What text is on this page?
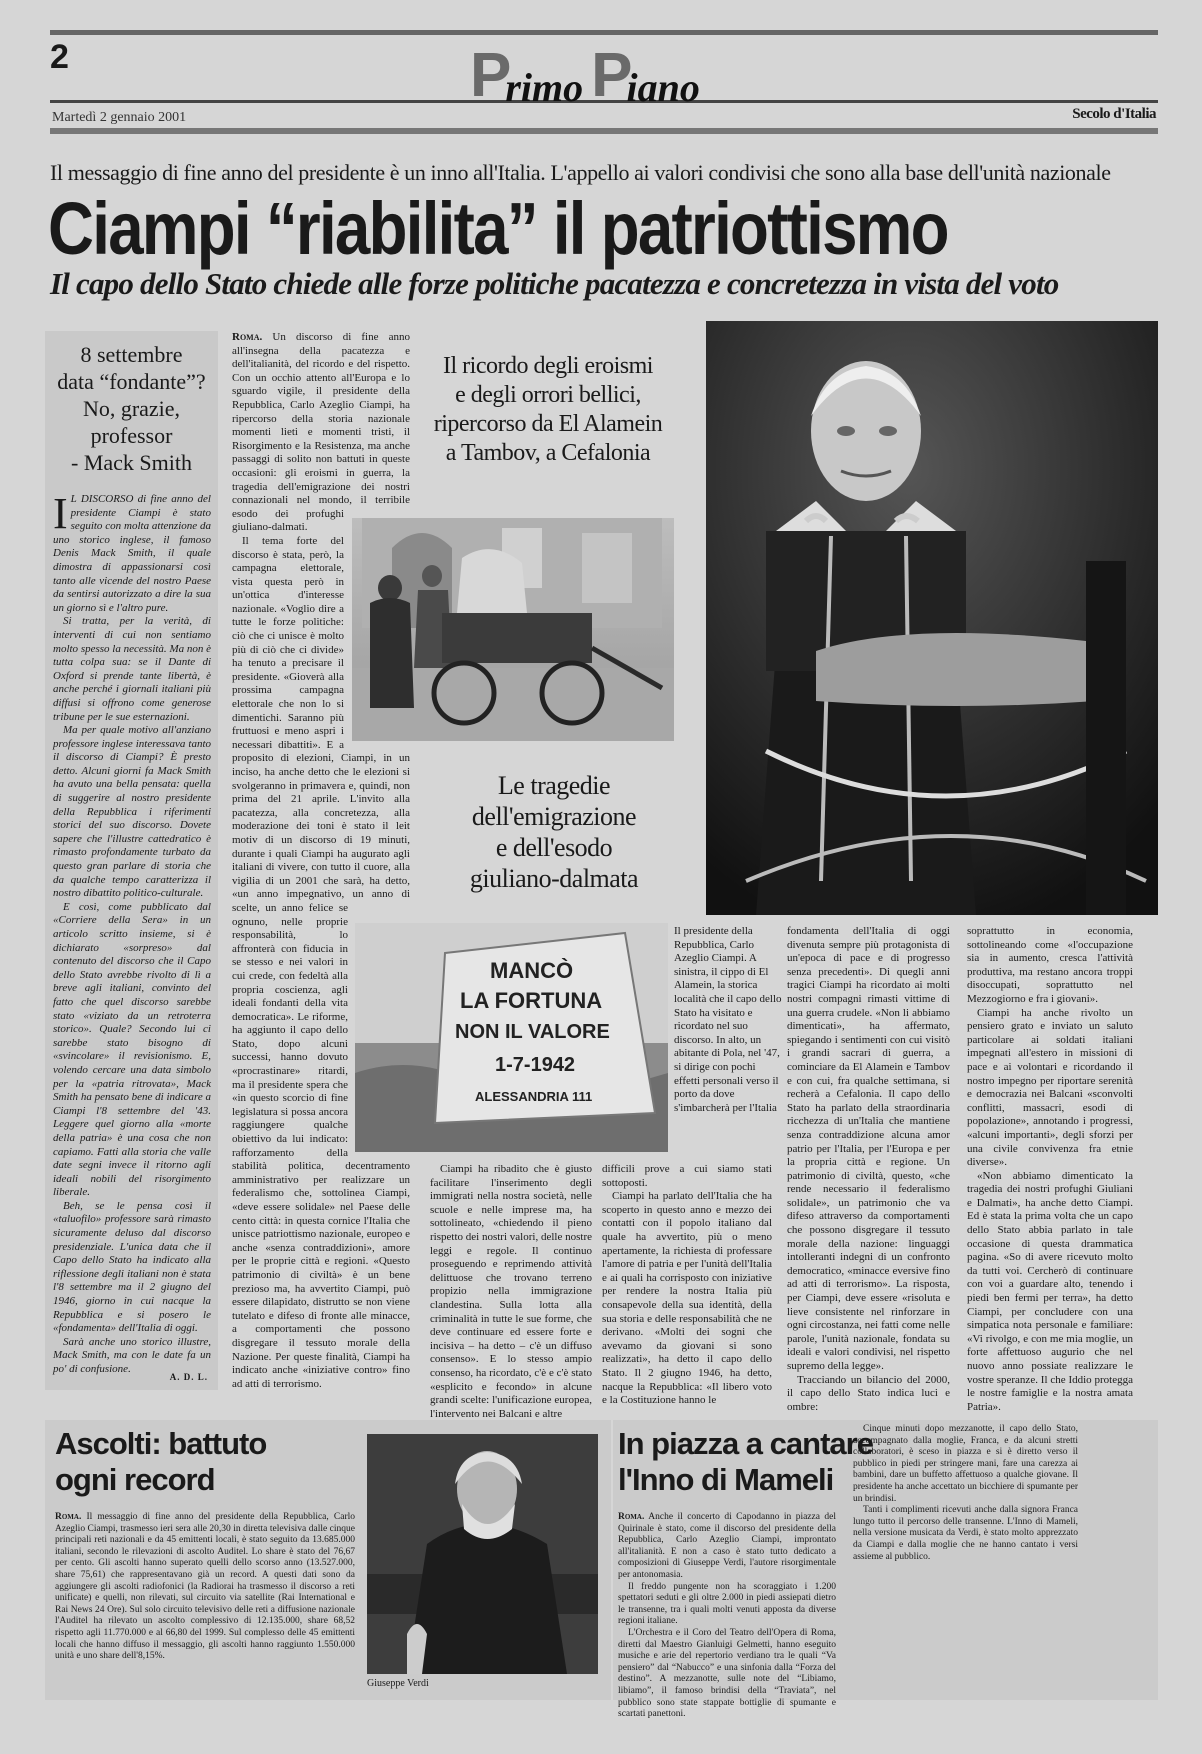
2	Primo Piano
Martedì 2 gennaio 2001	Secolo d'Italia
Il messaggio di fine anno del presidente è un inno all'Italia. L'appello ai valori condivisi che sono alla base dell'unità nazionale
Ciampi “riabilita” il patriottismo
Il capo dello Stato chiede alle forze politiche pacatezza e concretezza in vista del voto
8 settembre
data “fondante”?
No, grazie,
professor
- Mack Smith

I L DISCORSO di fine anno del presidente Ciampi è stato seguito con molta attenzione da uno storico inglese, il famoso Denis Mack Smith, il quale dimostra di appassionarsi così tanto alle vicende del nostro Paese da sentirsi autorizzato a dire la sua un giorno sì e l'altro pure.

Si tratta, per la verità, di interventi di cui non sentiamo molto spesso la necessità. Ma non è tutta colpa sua: se il Dante di Oxford si prende tante libertà, è anche perché i giornali italiani più diffusi si offrono come generose tribune per le sue esternazioni.

Ma per quale motivo all'anziano professore inglese interessava tanto il discorso di Ciampi? È presto detto. Alcuni giorni fa Mack Smith ha avuto una bella pensata: quella di suggerire al nostro presidente della Repubblica i riferimenti storici del suo discorso. Dovete sapere che l'illustre cattedratico è rimasto profondamente turbato da questo gran parlare di storia che da qualche tempo caratterizza il nostro dibattito politico-culturale.

E così, come pubblicato dal «Corriere della Sera» in un articolo scritto insieme, si è dichiarato «sorpreso» dal contenuto del discorso che il Capo dello Stato avrebbe rivolto di lì a breve agli italiani, convinto del fatto che quel discorso sarebbe stato «viziato da un retroterra storico». Quale? Secondo lui ci sarebbe stato bisogno di «svincolare» il revisionismo. E, volendo cercare una data simbolo per la «patria ritrovata», Mack Smith ha pensato bene di indicare a Ciampi l'8 settembre del '43. Leggere quel giorno alla «morte della patria» è una cosa che non capiamo. Fatti alla storia che valle date segni invece il ritorno agli ideali nobili del risorgimento liberale.

Beh, se le pensa così il «taluofilo» professore sarà rimasto sicuramente deluso dal discorso presidenziale. L'unica data che il Capo dello Stato ha indicato alla riflessione degli italiani non è stata l'8 settembre ma il 2 giugno del 1946, giorno in cui nacque la Repubblica e si posero le «fondamenta» dell'Italia di oggi.

Sarà anche uno storico illustre, Mack Smith, ma con le date fa un po' di confusione.

A. D. L.

Roma. Un discorso di fine anno all'insegna della pacatezza e dell'italianità, del ricordo e del rispetto. Con un occhio attento all'Europa e lo sguardo vigile, il presidente della Repubblica, Carlo Azeglio Ciampi, ha ripercorso della storia nazionale momenti lieti e momenti tristi, il Risorgimento e la Resistenza, ma anche passaggi di solito non battuti in queste occasioni: gli eroismi in guerra, la tragedia dell'emigrazione dei nostri connazionali nel mondo, il terribile esodo dei profughi giuliano-dalmati.

Il tema forte del discorso è stata, però, la campagna elettorale, vista questa però in un'ottica d'interesse nazionale. «Voglio dire a tutte le forze politiche: ciò che ci unisce è molto più di ciò che ci divide» ha tenuto a precisare il presidente. «Gioverà alla prossima campagna elettorale che non lo si dimentichi. Saranno più fruttuosi e meno aspri i necessari dibattiti». E a proposito di elezioni, Ciampi, in un inciso, ha anche detto che le elezioni si svolgeranno in primavera e, quindi, non prima del 21 aprile. L'invito alla pacatezza, alla concretezza, alla moderazione dei toni è stato il leit motiv di un discorso di 19 minuti, durante i quali Ciampi ha augurato agli italiani di vivere, con tutto il cuore, alla vigilia di un 2001 che sarà, ha detto, «un anno impegnativo, un anno di scelte, un anno felice se ognuno, nelle proprie responsabilità, lo affronterà con fiducia in se stesso e nei valori in cui crede, con fedeltà alla propria coscienza, agli ideali fondanti della vita democratica». Le riforme, ha aggiunto il capo dello Stato, dopo alcuni successi, hanno dovuto «procrastinare» ritardi, ma il presidente spera che «in questo scorcio di fine legislatura si possa ancora raggiungere qualche obiettivo da lui indicato: rafforzamento della stabilità politica, decentramento amministrativo per realizzare un federalismo che, sottolinea Ciampi, «deve essere solidale» nel Paese delle cento città: in questa cornice l'Italia che unisce patriottismo nazionale, europeo e anche «senza contraddizioni», amore per le proprie città e regioni. «Questo patrimonio di civiltà» è un bene prezioso ma, ha avvertito Ciampi, può essere dilapidato, distrutto se non viene tutelato e difeso di fronte alle minacce, a comportamenti che possono disgregare il tessuto morale della Nazione. Per queste finalità, Ciampi ha indicato anche «iniziative contro» fino ad atti di terrorismo.

Il ricordo degli eroismi
e degli orrori bellici,
ripercorso da El Alamein
a Tambov, a Cefalonia
Le tragedie
dell'emigrazione
e dell'esodo
giuliano-dalmata
MANCÒ
LA FORTUNA
NON IL VALORE
1-7-1942
ALESSANDRIA 111
Il presidente della Repubblica, Carlo Azeglio Ciampi. A sinistra, il cippo di El Alamein, la storica località che il capo dello Stato ha visitato e ricordato nel suo discorso. In alto, un abitante di Pola, nel '47, si dirige con pochi effetti personali verso il porto da dove s'imbarcherà per l'Italia

Ciampi ha ribadito che è giusto facilitare l'inserimento degli immigrati nella nostra società, nelle scuole e nelle imprese ma, ha sottolineato, «chiedendo il pieno rispetto dei nostri valori, delle nostre leggi e regole. Il continuo proseguendo e reprimendo attività delittuose che trovano terreno propizio nella immigrazione clandestina. Sulla lotta alla criminalità in tutte le sue forme, che deve continuare ed essere forte e incisiva – ha detto – c'è un diffuso consenso». E lo stesso ampio consenso, ha ricordato, c'è e c'è stato «esplicito e fecondo» in alcune grandi scelte: l'unificazione europea, l'intervento nei Balcani e altre

difficili prove a cui siamo stati sottoposti.

Ciampi ha parlato dell'Italia che ha scoperto in questo anno e mezzo dei contatti con il popolo italiano dal quale ha avvertito, più o meno apertamente, la richiesta di professare l'amore di patria e per l'unità dell'Italia e ai quali ha corrisposto con iniziative per rendere la nostra Italia più consapevole della sua identità, della sua storia e delle responsabilità che ne derivano. «Molti dei sogni che avevamo da giovani si sono realizzati», ha detto il capo dello Stato. Il 2 giugno 1946, ha detto, nacque la Repubblica: «Il libero voto e la Costituzione hanno le

fondamenta dell'Italia di oggi divenuta sempre più protagonista di un'epoca di pace e di progresso senza precedenti». Di quegli anni tragici Ciampi ha ricordato ai molti nostri compagni rimasti vittime di una guerra crudele. «Non li abbiamo dimenticati», ha affermato, spiegando i sentimenti con cui visitò i grandi sacrari di guerra, a cominciare da El Alamein e Tambov e con cui, fra qualche settimana, si recherà a Cefalonia. Il capo dello Stato ha parlato della straordinaria ricchezza di un'Italia che mantiene senza contraddizione alcuna amor patrio per l'Italia, per l'Europa e per la propria città e regione. Un patrimonio di civiltà, questo, «che rende necessario il federalismo solidale», un patrimonio che va difeso attraverso da comportamenti che possono disgregare il tessuto morale della nazione: linguaggi intolleranti indegni di un confronto democratico, «minacce eversive fino ad atti di terrorismo». La risposta, per Ciampi, deve essere «risoluta e lieve consistente nel rinforzare in ogni circostanza, nei fatti come nelle parole, l'unità nazionale, fondata su ideali e valori condivisi, nel rispetto supremo della legge».

Tracciando un bilancio del 2000, il capo dello Stato indica luci e ombre:

soprattutto in economia, sottolineando come «l'occupazione sia in aumento, cresca l'attività produttiva, ma restano ancora troppi disoccupati, soprattutto nel Mezzogiorno e fra i giovani».

Ciampi ha anche rivolto un pensiero grato e inviato un saluto particolare ai soldati italiani impegnati all'estero in missioni di pace e ai volontari e ricordando il nostro impegno per riportare serenità e democrazia nei Balcani «sconvolti conflitti, massacri, esodi di popolazione», annotando i progressi, «alcuni importanti», degli sforzi per una civile convivenza fra etnie diverse».

«Non abbiamo dimenticato la tragedia dei nostri profughi Giuliani e Dalmati», ha anche detto Ciampi. Ed è stata la prima volta che un capo dello Stato abbia parlato in tale occasione di questa drammatica pagina. «So di avere ricevuto molto da tutti voi. Cercherò di continuare con voi a guardare alto, tenendo i piedi ben fermi per terra», ha detto Ciampi, per concludere con una simpatica nota personale e familiare: «Vi rivolgo, e con me mia moglie, un forte affettuoso augurio che nel nuovo anno possiate realizzare le vostre speranze. Il che Iddio protegga le nostre famiglie e la nostra amata Patria».

Ascolti: battuto
ogni record

Roma. Il messaggio di fine anno del presidente della Repubblica, Carlo Azeglio Ciampi, trasmesso ieri sera alle 20,30 in diretta televisiva dalle cinque principali reti nazionali e da 45 emittenti locali, è stato seguito da 13.685.000 italiani, secondo le rilevazioni di ascolto Auditel. Lo share è stato del 76,67 per cento. Gli ascolti hanno superato quelli dello scorso anno (13.527.000, share 75,61) che rappresentavano già un record. A questi dati sono da aggiungere gli ascolti radiofonici (la Radiorai ha trasmesso il discorso a reti unificate) e quelli, non rilevati, sul circuito via satellite (Rai International e Rai News 24 Ore). Sul solo circuito televisivo delle reti a diffusione nazionale l'Auditel ha rilevato un ascolto complessivo di 12.135.000, share 68,52 rispetto agli 11.770.000 e al 66,80 del 1999. Sul complesso delle 45 emittenti locali che hanno diffuso il messaggio, gli ascolti hanno raggiunto 1.550.000 unità e uno share dell'8,15%.

Giuseppe Verdi
In piazza a cantare
l'Inno di Mameli

Roma. Anche il concerto di Capodanno in piazza del Quirinale è stato, come il discorso del presidente della Repubblica, Carlo Azeglio Ciampi, improntato all'italianità. E non a caso è stato tutto dedicato a composizioni di Giuseppe Verdi, l'autore risorgimentale per antonomasia.

Il freddo pungente non ha scoraggiato i 1.200 spettatori seduti e gli oltre 2.000 in piedi assiepati dietro le transenne, tra i quali molti venuti apposta da diverse regioni italiane.

L'Orchestra e il Coro del Teatro dell'Opera di Roma, diretti dal Maestro Gianluigi Gelmetti, hanno eseguito musiche e arie del repertorio verdiano tra le quali “Va pensiero” dal “Nabucco” e una sinfonia dalla “Forza del destino”. A mezzanotte, sulle note del “Libiamo, libiamo”, il famoso brindisi della “Traviata”, nel pubblico sono state stappate bottiglie di spumante e scartati panettoni.

Cinque minuti dopo mezzanotte, il capo dello Stato, accompagnato dalla moglie, Franca, e da alcuni stretti collaboratori, è sceso in piazza e si è diretto verso il pubblico in piedi per stringere mani, fare una carezza ai bambini, dare un buffetto affettuoso a qualche giovane. Il presidente ha anche accettato un bicchiere di spumante per un brindisi.

Tanti i complimenti ricevuti anche dalla signora Franca lungo tutto il percorso delle transenne. L'Inno di Mameli, nella versione musicata da Verdi, è stato molto apprezzato da Ciampi e dalla moglie che ne hanno cantato i versi assieme al pubblico.
